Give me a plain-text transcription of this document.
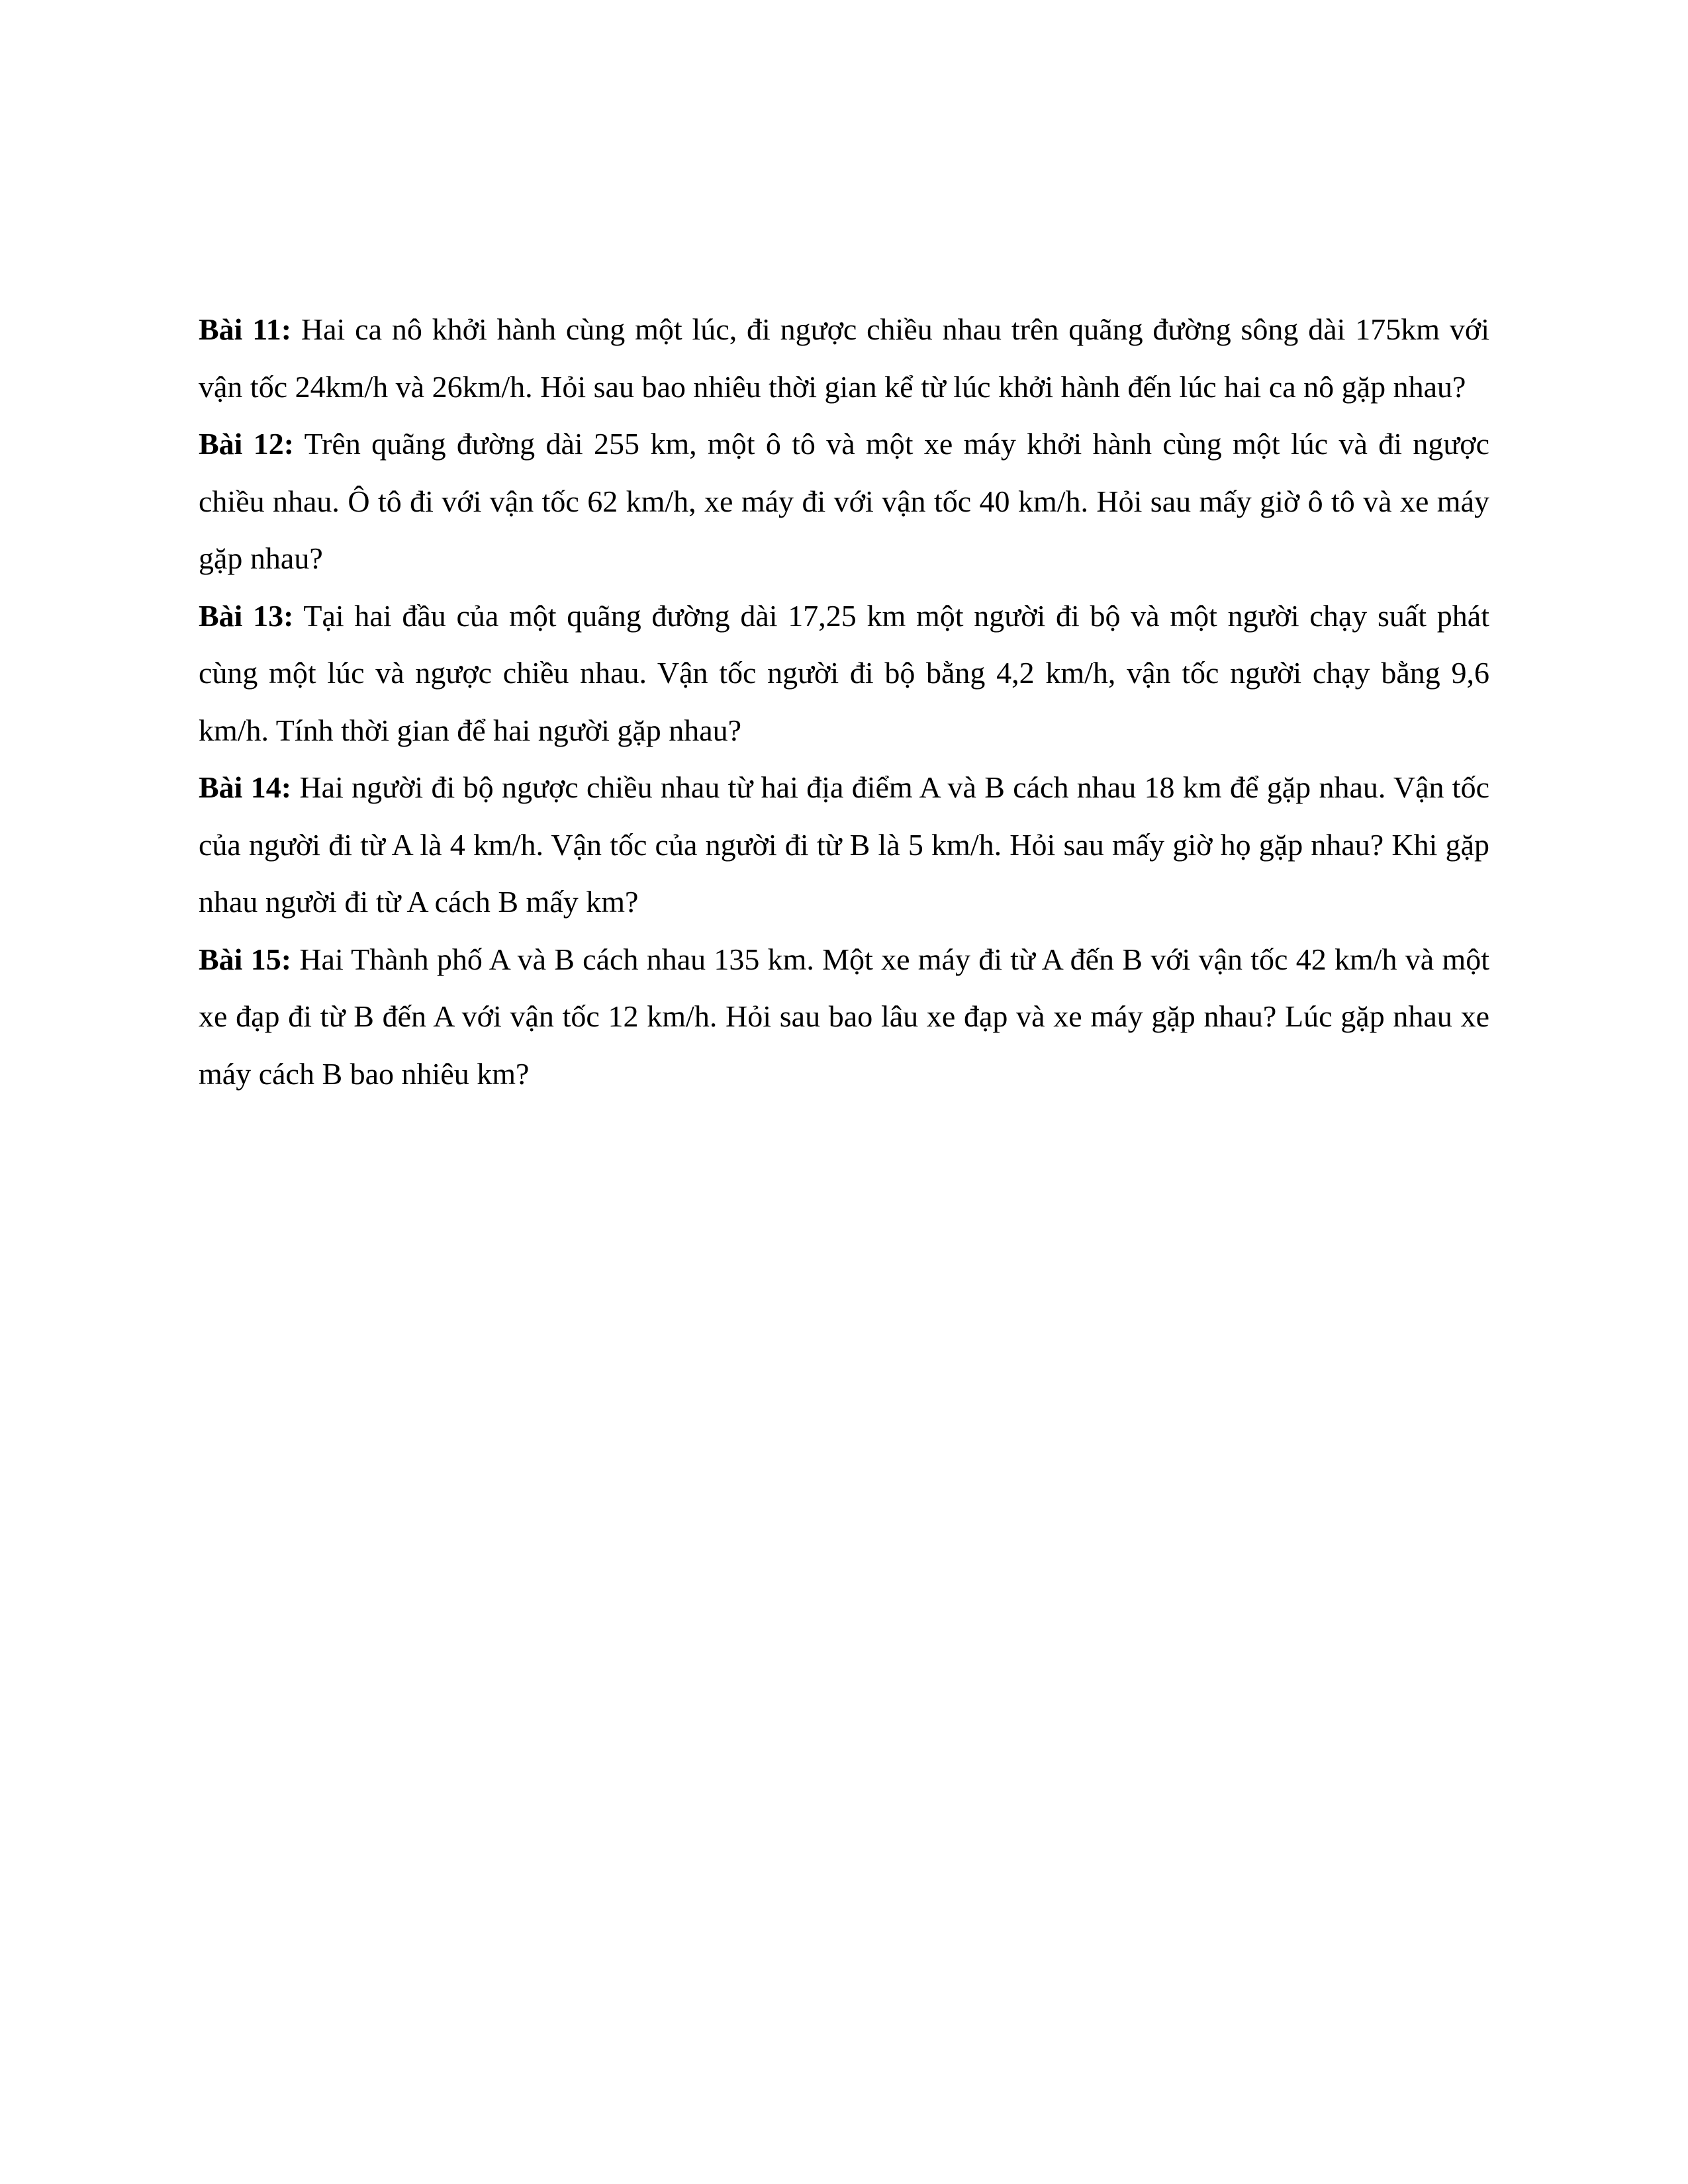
Bài 11: Hai ca nô khởi hành cùng một lúc, đi ngược chiều nhau trên quãng đường sông dài 175km với vận tốc 24km/h và 26km/h. Hỏi sau bao nhiêu thời gian kể từ lúc khởi hành đến lúc hai ca nô gặp nhau?

Bài 12: Trên quãng đường dài 255 km, một ô tô và một xe máy khởi hành cùng một lúc và đi ngược chiều nhau. Ô tô đi với vận tốc 62 km/h, xe máy đi với vận tốc 40 km/h. Hỏi sau mấy giờ ô tô và xe máy gặp nhau?

Bài 13: Tại hai đầu của một quãng đường dài 17,25 km một người đi bộ và một người chạy suất phát cùng một lúc và ngược chiều nhau. Vận tốc người đi bộ bằng 4,2 km/h, vận tốc người chạy bằng 9,6 km/h. Tính thời gian để hai người gặp nhau?

Bài 14: Hai người đi bộ ngược chiều nhau từ hai địa điểm A và B cách nhau 18 km để gặp nhau. Vận tốc của người đi từ A là 4 km/h. Vận tốc của người đi từ B là 5 km/h. Hỏi sau mấy giờ họ gặp nhau? Khi gặp nhau người đi từ A cách B mấy km?

Bài 15: Hai Thành phố A và B cách nhau 135 km. Một xe máy đi từ A đến B với vận tốc 42 km/h và một xe đạp đi từ B đến A với vận tốc 12 km/h. Hỏi sau bao lâu xe đạp và xe máy gặp nhau? Lúc gặp nhau xe máy cách B bao nhiêu km?
